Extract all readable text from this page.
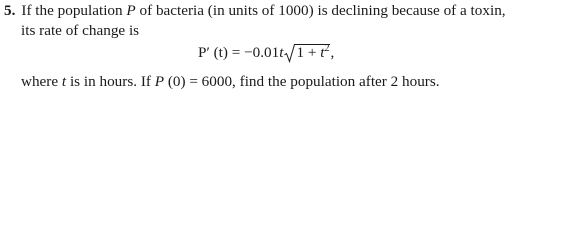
5. If the population P of bacteria (in units of 1000) is declining because of a toxin,
its rate of change is
P′ (t) = −0.01t $1 + t^2$,
where t is in hours. If P (0) = 6000, find the population after 2 hours.
